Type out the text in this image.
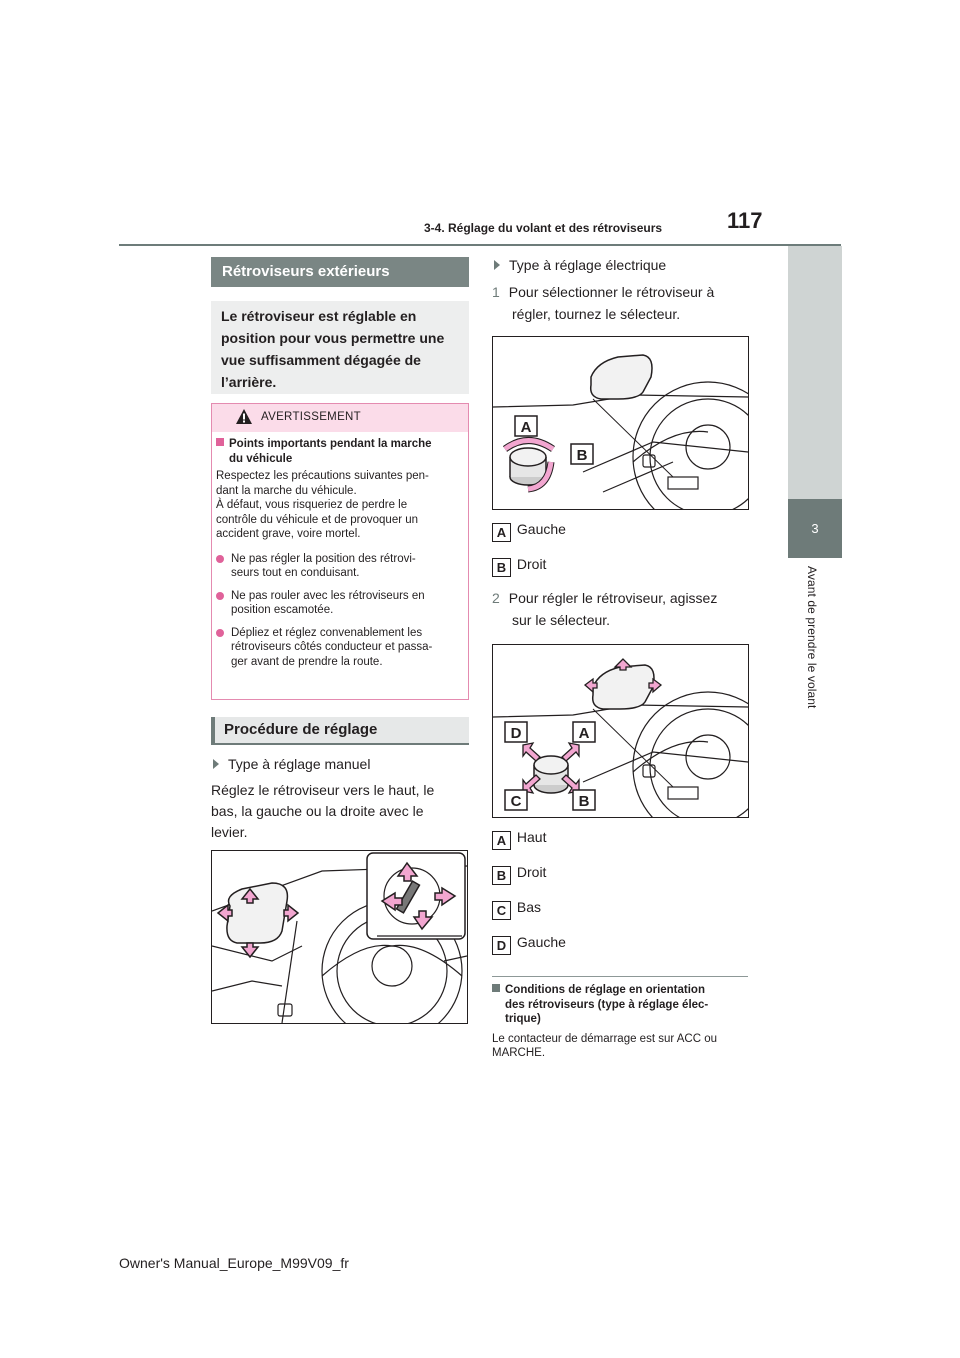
117
3-4. Réglage du volant et des rétroviseurs
3
Avant de prendre le volant
Rétroviseurs extérieurs
Le rétroviseur est réglable en
position pour vous permettre une
vue suffisamment dégagée de
l’arrière.
AVERTISSEMENT
Points importants pendant la marche
du véhicule
Respectez les précautions suivantes pen-
dant la marche du véhicule.
À défaut, vous risqueriez de perdre le
contrôle du véhicule et de provoquer un
accident grave, voire mortel.
Ne pas régler la position des rétrovi-
seurs tout en conduisant.
Ne pas rouler avec les rétroviseurs en
position escamotée.
Dépliez et réglez convenablement les
rétroviseurs côtés conducteur et passa-
ger avant de prendre la route.
Procédure de réglage
Type à réglage manuel
Réglez le rétroviseur vers le haut, le
bas, la gauche ou la droite avec le
levier.
Type à réglage électrique
1 Pour sélectionner le rétroviseur à
régler, tournez le sélecteur.
A
B
A Gauche
B Droit
2 Pour régler le rétroviseur, agissez
sur le sélecteur.
D	A
C	B
A Haut
B Droit
C Bas
D Gauche
Conditions de réglage en orientation
des rétroviseurs (type à réglage élec-
trique)
Le contacteur de démarrage est sur ACC ou
MARCHE.
Owner's Manual_Europe_M99V09_fr
